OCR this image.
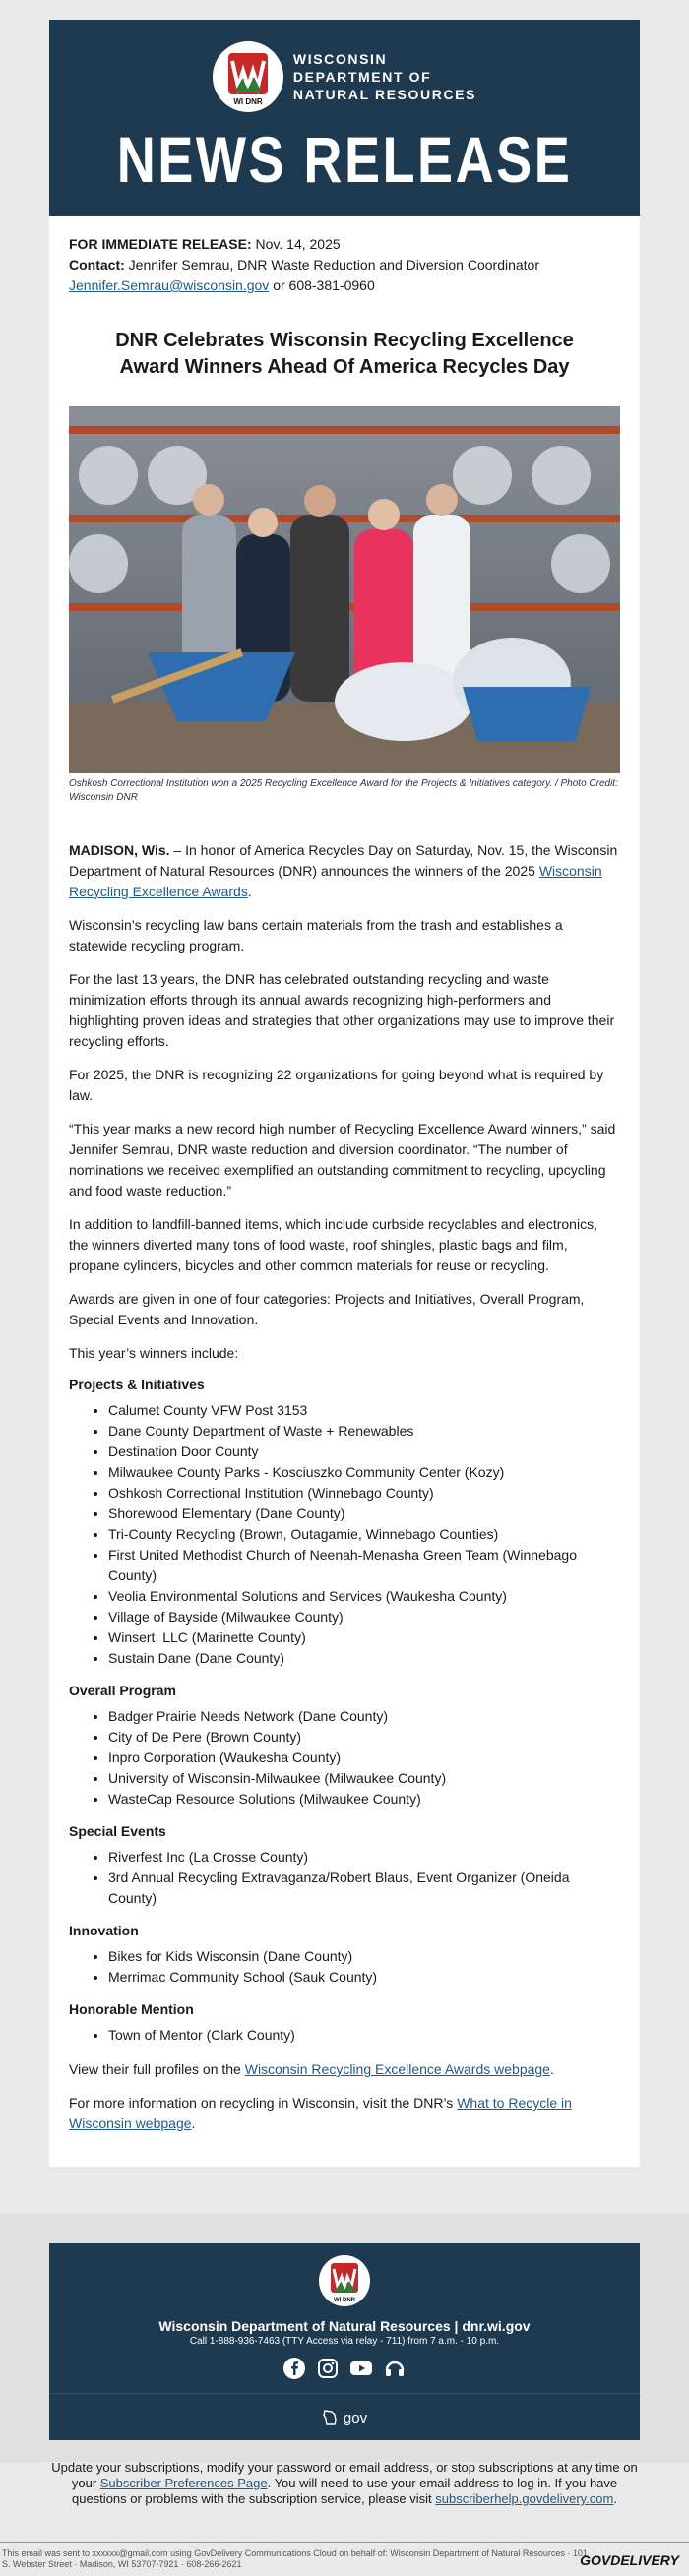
WI DNR
WISCONSIN
DEPARTMENT OF
NATURAL RESOURCES
NEWS RELEASE
FOR IMMEDIATE RELEASE: Nov. 14, 2025
Contact: Jennifer Semrau, DNR Waste Reduction and Diversion Coordinator
Jennifer.Semrau@wisconsin.gov or 608-381-0960
DNR Celebrates Wisconsin Recycling Excellence Award Winners Ahead Of America Recycles Day
Oshkosh Correctional Institution won a 2025 Recycling Excellence Award for the Projects & Initiatives category. / Photo Credit: Wisconsin DNR

MADISON, Wis. – In honor of America Recycles Day on Saturday, Nov. 15, the Wisconsin Department of Natural Resources (DNR) announces the winners of the 2025 Wisconsin Recycling Excellence Awards.

Wisconsin’s recycling law bans certain materials from the trash and establishes a statewide recycling program.

For the last 13 years, the DNR has celebrated outstanding recycling and waste minimization efforts through its annual awards recognizing high-performers and highlighting proven ideas and strategies that other organizations may use to improve their recycling efforts.

For 2025, the DNR is recognizing 22 organizations for going beyond what is required by law.

“This year marks a new record high number of Recycling Excellence Award winners,” said Jennifer Semrau, DNR waste reduction and diversion coordinator. “The number of nominations we received exemplified an outstanding commitment to recycling, upcycling and food waste reduction.”

In addition to landfill-banned items, which include curbside recyclables and electronics, the winners diverted many tons of food waste, roof shingles, plastic bags and film, propane cylinders, bicycles and other common materials for reuse or recycling.

Awards are given in one of four categories: Projects and Initiatives, Overall Program, Special Events and Innovation.

This year’s winners include:

Projects & Initiatives
• Calumet County VFW Post 3153
• Dane County Department of Waste + Renewables
• Destination Door County
• Milwaukee County Parks - Kosciuszko Community Center (Kozy)
• Oshkosh Correctional Institution (Winnebago County)
• Shorewood Elementary (Dane County)
• Tri-County Recycling (Brown, Outagamie, Winnebago Counties)
• First United Methodist Church of Neenah-Menasha Green Team (Winnebago County)
• Veolia Environmental Solutions and Services (Waukesha County)
• Village of Bayside (Milwaukee County)
• Winsert, LLC (Marinette County)
• Sustain Dane (Dane County)
Overall Program
• Badger Prairie Needs Network (Dane County)
• City of De Pere (Brown County)
• Inpro Corporation (Waukesha County)
• University of Wisconsin-Milwaukee (Milwaukee County)
• WasteCap Resource Solutions (Milwaukee County)
Special Events
• Riverfest Inc (La Crosse County)
• 3rd Annual Recycling Extravaganza/Robert Blaus, Event Organizer (Oneida County)
Innovation
• Bikes for Kids Wisconsin (Dane County)
• Merrimac Community School (Sauk County)
Honorable Mention
• Town of Mentor (Clark County)

View their full profiles on the Wisconsin Recycling Excellence Awards webpage.

For more information on recycling in Wisconsin, visit the DNR’s What to Recycle in Wisconsin webpage.

WI DNR
Wisconsin Department of Natural Resources | dnr.wi.gov
Call 1-888-936-7463 (TTY Access via relay - 711) from 7 a.m. - 10 p.m.
gov
Update your subscriptions, modify your password or email address, or stop subscriptions at any time on your Subscriber Preferences Page. You will need to use your email address to log in. If you have questions or problems with the subscription service, please visit subscriberhelp.govdelivery.com.
This email was sent to xxxxxx@gmail.com using GovDelivery Communications Cloud on behalf of: Wisconsin Department of Natural Resources · 101 S. Webster Street · Madison, WI 53707-7921 · 608-266-2621	GOVDELIVERY
